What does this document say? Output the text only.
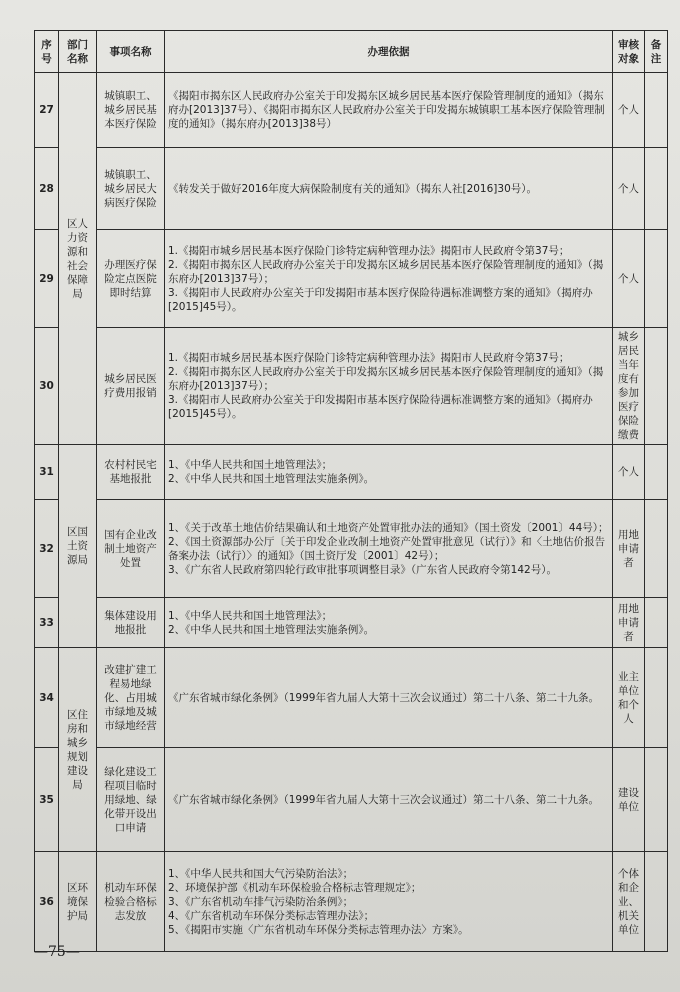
序号	部门名称	事项名称	办理依据	审核对象	备注
27	区人力资源和社会保障局	城镇职工、城乡居民基本医疗保险	《揭阳市揭东区人民政府办公室关于印发揭东区城乡居民基本医疗保险管理制度的通知》（揭东府办[2013]37号）、《揭阳市揭东区人民政府办公室关于印发揭东城镇职工基本医疗保险管理制度的通知》（揭东府办[2013]38号）	个人	
28		城镇职工、城乡居民大病医疗保险	《转发关于做好2016年度大病保险制度有关的通知》（揭东人社[2016]30号）。	个人	
29		办理医疗保险定点医院即时结算	1.《揭阳市城乡居民基本医疗保险门诊特定病种管理办法》揭阳市人民政府令第37号；
2.《揭阳市揭东区人民政府办公室关于印发揭东区城乡居民基本医疗保险管理制度的通知》（揭东府办[2013]37号）；
3.《揭阳市人民政府办公室关于印发揭阳市基本医疗保险待遇标准调整方案的通知》（揭府办[2015]45号）。	个人	
30		城乡居民医疗费用报销	1.《揭阳市城乡居民基本医疗保险门诊特定病种管理办法》揭阳市人民政府令第37号；
2.《揭阳市揭东区人民政府办公室关于印发揭东区城乡居民基本医疗保险管理制度的通知》（揭东府办[2013]37号）；
3.《揭阳市人民政府办公室关于印发揭阳市基本医疗保险待遇标准调整方案的通知》（揭府办[2015]45号）。	城乡居民当年度有参加医疗保险缴费	
31	区国土资源局	农村村民宅基地报批	1、《中华人民共和国土地管理法》；
2、《中华人民共和国土地管理法实施条例》。	个人	
32		国有企业改制土地资产处置	1、《关于改革土地估价结果确认和土地资产处置审批办法的通知》（国土资发〔2001〕44号）；
2、《国土资源部办公厅〔关于印发企业改制土地资产处置审批意见（试行）》和〈土地估价报告备案办法（试行）〉的通知》（国土资厅发〔2001〕42号）；
3、《广东省人民政府第四轮行政审批事项调整目录》（广东省人民政府令第142号）。	用地申请者	
33		集体建设用地报批	1、《中华人民共和国土地管理法》；
2、《中华人民共和国土地管理法实施条例》。	用地申请者	
34	区住房和城乡规划建设局	改建扩建工程易地绿化、占用城市绿地及城市绿地经营	《广东省城市绿化条例》（1999年省九届人大第十三次会议通过）第二十八条、第二十九条。	业主单位和个人	
35		绿化建设工程项目临时用绿地、绿化带开设出口申请	《广东省城市绿化条例》（1999年省九届人大第十三次会议通过）第二十八条、第二十九条。	建设单位	
36	区环境保护局	机动车环保检验合格标志发放	1、《中华人民共和国大气污染防治法》；
2、环境保护部《机动车环保检验合格标志管理规定》；
3、《广东省机动车排气污染防治条例》；
4、《广东省机动车环保分类标志管理办法》；
5、《揭阳市实施〈广东省机动车环保分类标志管理办法〉方案》。	个体和企业、机关单位	
—75—
